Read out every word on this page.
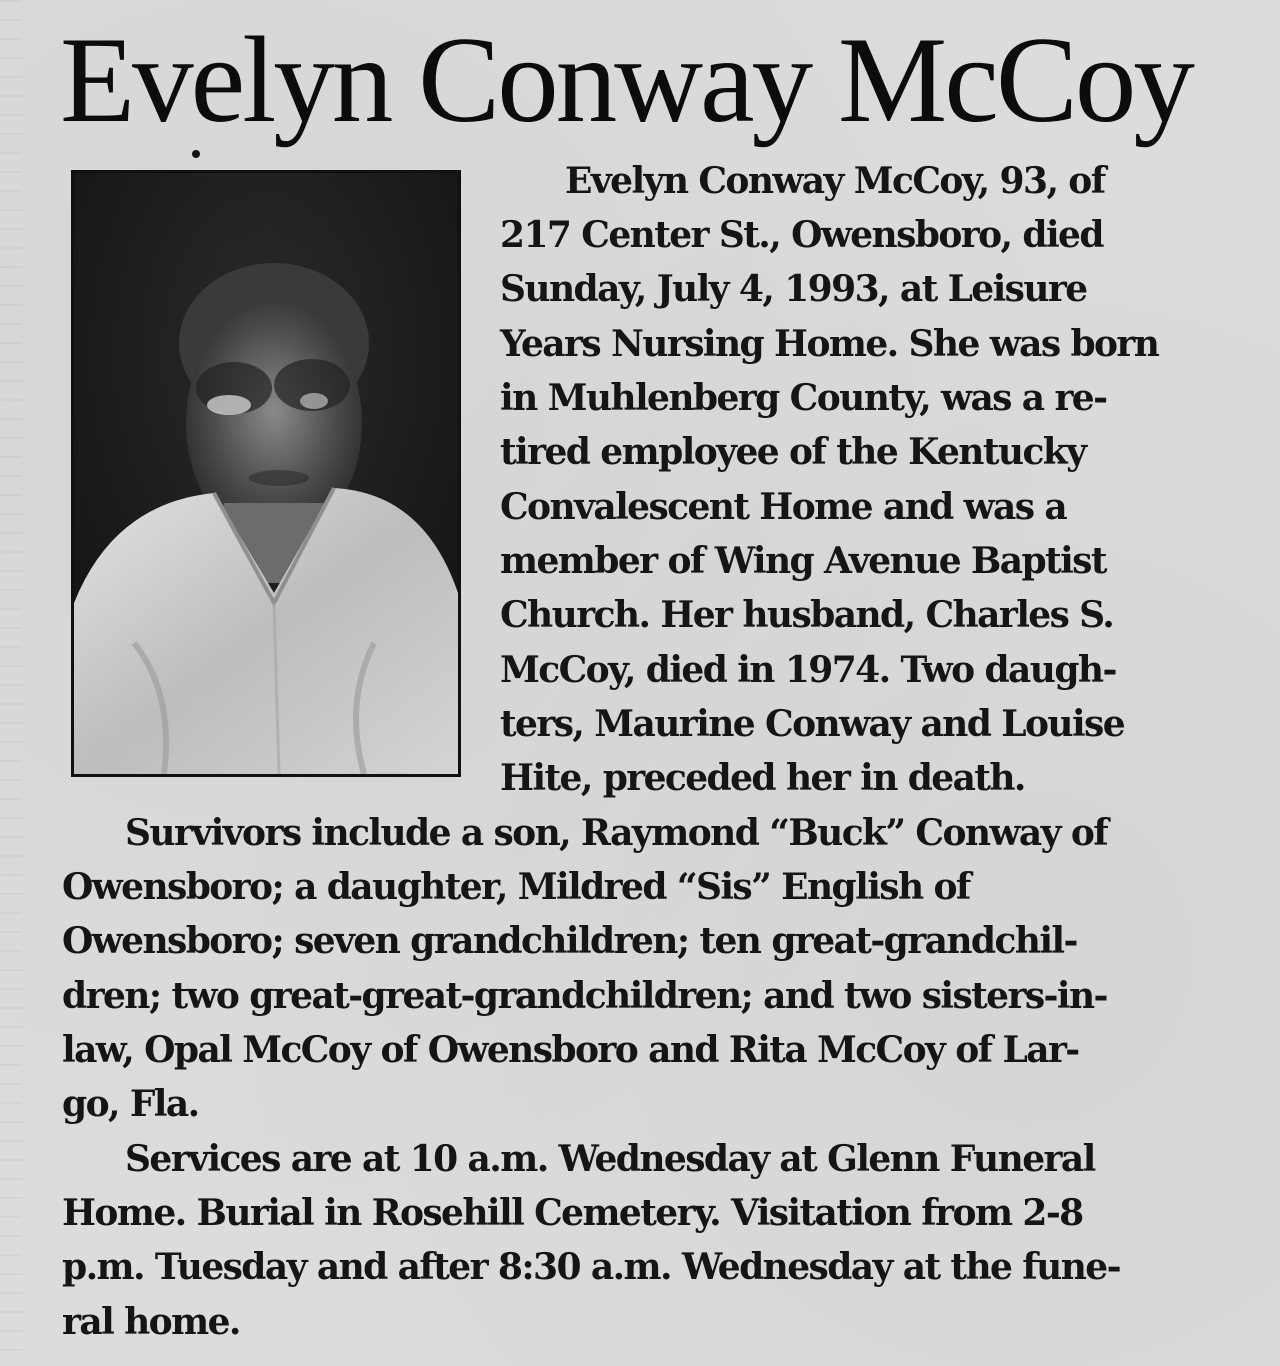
Evelyn Conway McCoy
Evelyn Conway McCoy, 93, of
217 Center St., Owensboro, died
Sunday, July 4, 1993, at Leisure
Years Nursing Home. She was born
in Muhlenberg County, was a re-
tired employee of the Kentucky
Convalescent Home and was a
member of Wing Avenue Baptist
Church. Her husband, Charles S.
McCoy, died in 1974. Two daugh-
ters, Maurine Conway and Louise
Hite, preceded her in death.
Survivors include a son, Raymond “Buck” Conway of
Owensboro; a daughter, Mildred “Sis” English of
Owensboro; seven grandchildren; ten great-grandchil-
dren; two great-great-grandchildren; and two sisters-in-
law, Opal McCoy of Owensboro and Rita McCoy of Lar-
go, Fla.
Services are at 10 a.m. Wednesday at Glenn Funeral
Home. Burial in Rosehill Cemetery. Visitation from 2-8
p.m. Tuesday and after 8:30 a.m. Wednesday at the fune-
ral home.
